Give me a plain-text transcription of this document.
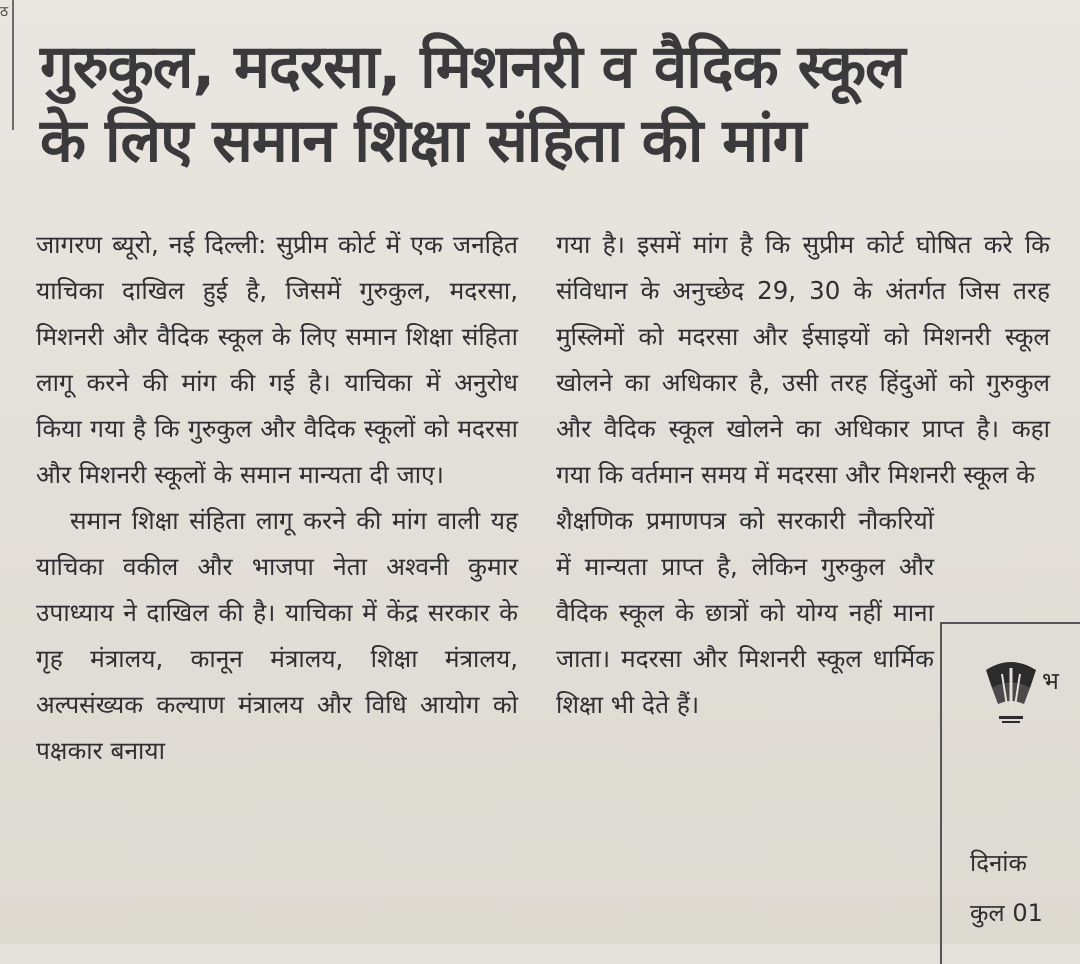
ठ
गुरुकुल, मदरसा, मिशनरी व वैदिक स्कूल
के लिए समान शिक्षा संहिता की मांग

जागरण ब्यूरो, नई दिल्ली: सुप्रीम कोर्ट में एक जनहित याचिका दाखिल हुई है, जिसमें गुरुकुल, मदरसा, मिशनरी और वैदिक स्कूल के लिए समान शिक्षा संहिता लागू करने की मांग की गई है। याचिका में अनुरोध किया गया है कि गुरुकुल और वैदिक स्कूलों को मदरसा और मिशनरी स्कूलों के समान मान्यता दी जाए।

समान शिक्षा संहिता लागू करने की मांग वाली यह याचिका वकील और भाजपा नेता अश्वनी कुमार उपाध्याय ने दाखिल की है। याचिका में केंद्र सरकार के गृह मंत्रालय, कानून मंत्रालय, शिक्षा मंत्रालय, अल्पसंख्यक कल्याण मंत्रालय और विधि आयोग को पक्षकार बनाया

गया है। इसमें मांग है कि सुप्रीम कोर्ट घोषित करे कि संविधान के अनुच्छेद 29, 30 के अंतर्गत जिस तरह मुस्लिमों को मदरसा और ईसाइयों को मिशनरी स्कूल खोलने का अधिकार है, उसी तरह हिंदुओं को गुरुकुल और वैदिक स्कूल खोलने का अधिकार प्राप्त है। कहा गया कि वर्तमान समय में मदरसा और मिशनरी स्कूल के

शैक्षणिक प्रमाणपत्र को सरकारी नौकरियों में मान्यता प्राप्त है, लेकिन गुरुकुल और वैदिक स्कूल के छात्रों को योग्य नहीं माना जाता। मदरसा और मिशनरी स्कूल धार्मिक शिक्षा भी देते हैं।

भ
दिनांक
कुल 01
